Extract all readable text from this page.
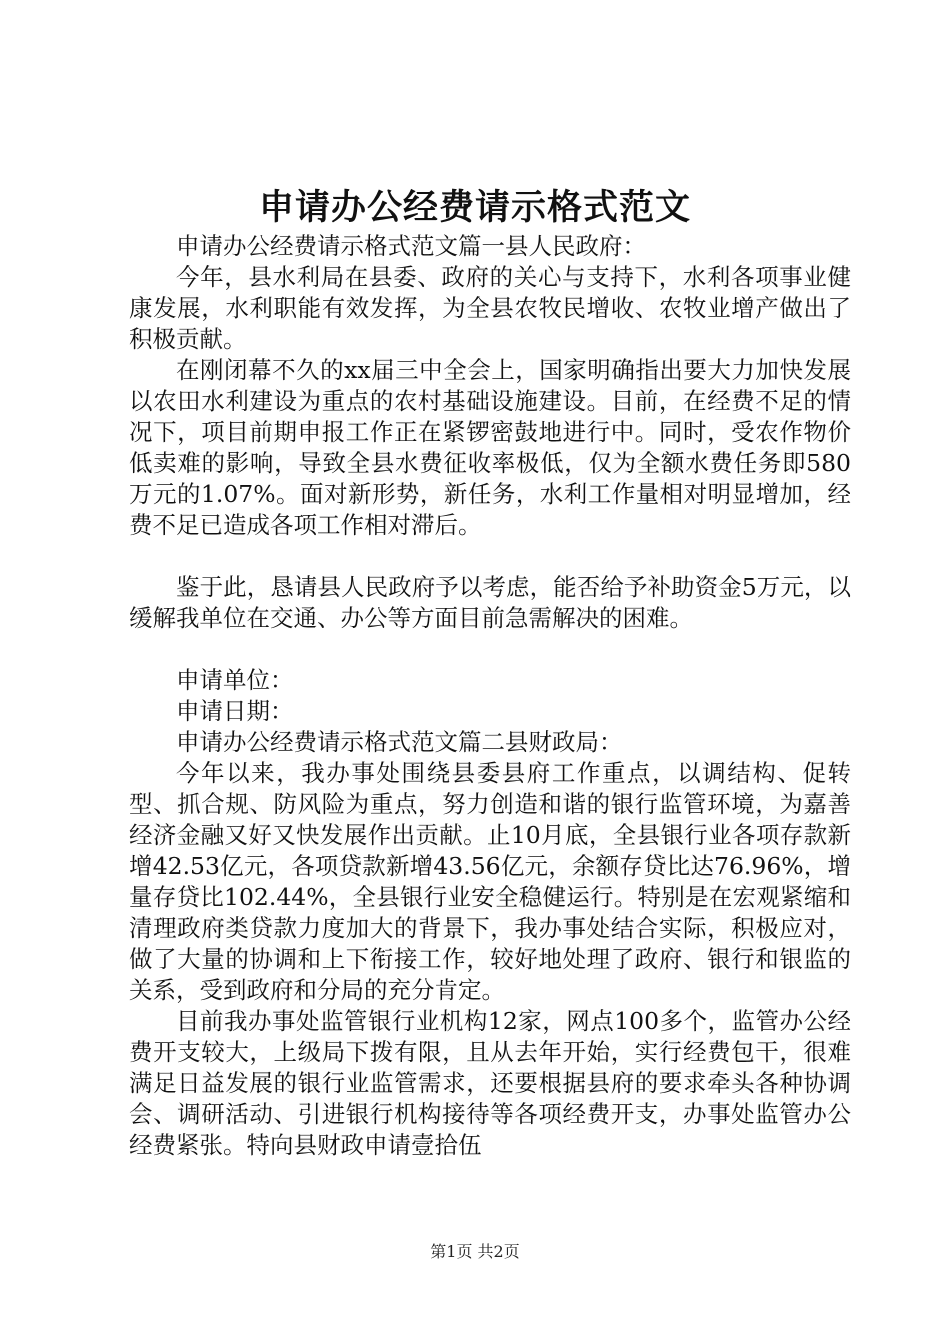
申请办公经费请示格式范文

申请办公经费请示格式范文篇一县人民政府：

今年，县水利局在县委、政府的关心与支持下，水利各项事业健康发展，水利职能有效发挥，为全县农牧民增收、农牧业增产做出了积极贡献。

在刚闭幕不久的xx届三中全会上，国家明确指出要大力加快发展以农田水利建设为重点的农村基础设施建设。目前，在经费不足的情况下，项目前期申报工作正在紧锣密鼓地进行中。同时，受农作物价低卖难的影响，导致全县水费征收率极低，仅为全额水费任务即580万元的1.07%。面对新形势，新任务，水利工作量相对明显增加，经费不足已造成各项工作相对滞后。

鉴于此，恳请县人民政府予以考虑，能否给予补助资金5万元，以缓解我单位在交通、办公等方面目前急需解决的困难。

申请单位：

申请日期：

申请办公经费请示格式范文篇二县财政局：

今年以来，我办事处围绕县委县府工作重点，以调结构、促转型、抓合规、防风险为重点，努力创造和谐的银行监管环境，为嘉善经济金融又好又快发展作出贡献。止10月底，全县银行业各项存款新增42.53亿元，各项贷款新增43.56亿元，余额存贷比达76.96%，增量存贷比102.44%，全县银行业安全稳健运行。特别是在宏观紧缩和清理政府类贷款力度加大的背景下，我办事处结合实际，积极应对，做了大量的协调和上下衔接工作，较好地处理了政府、银行和银监的关系，受到政府和分局的充分肯定。

目前我办事处监管银行业机构12家，网点100多个，监管办公经费开支较大，上级局下拨有限，且从去年开始，实行经费包干，很难满足日益发展的银行业监管需求，还要根据县府的要求牵头各种协调会、调研活动、引进银行机构接待等各项经费开支，办事处监管办公经费紧张。特向县财政申请壹拾伍

第1页 共2页
